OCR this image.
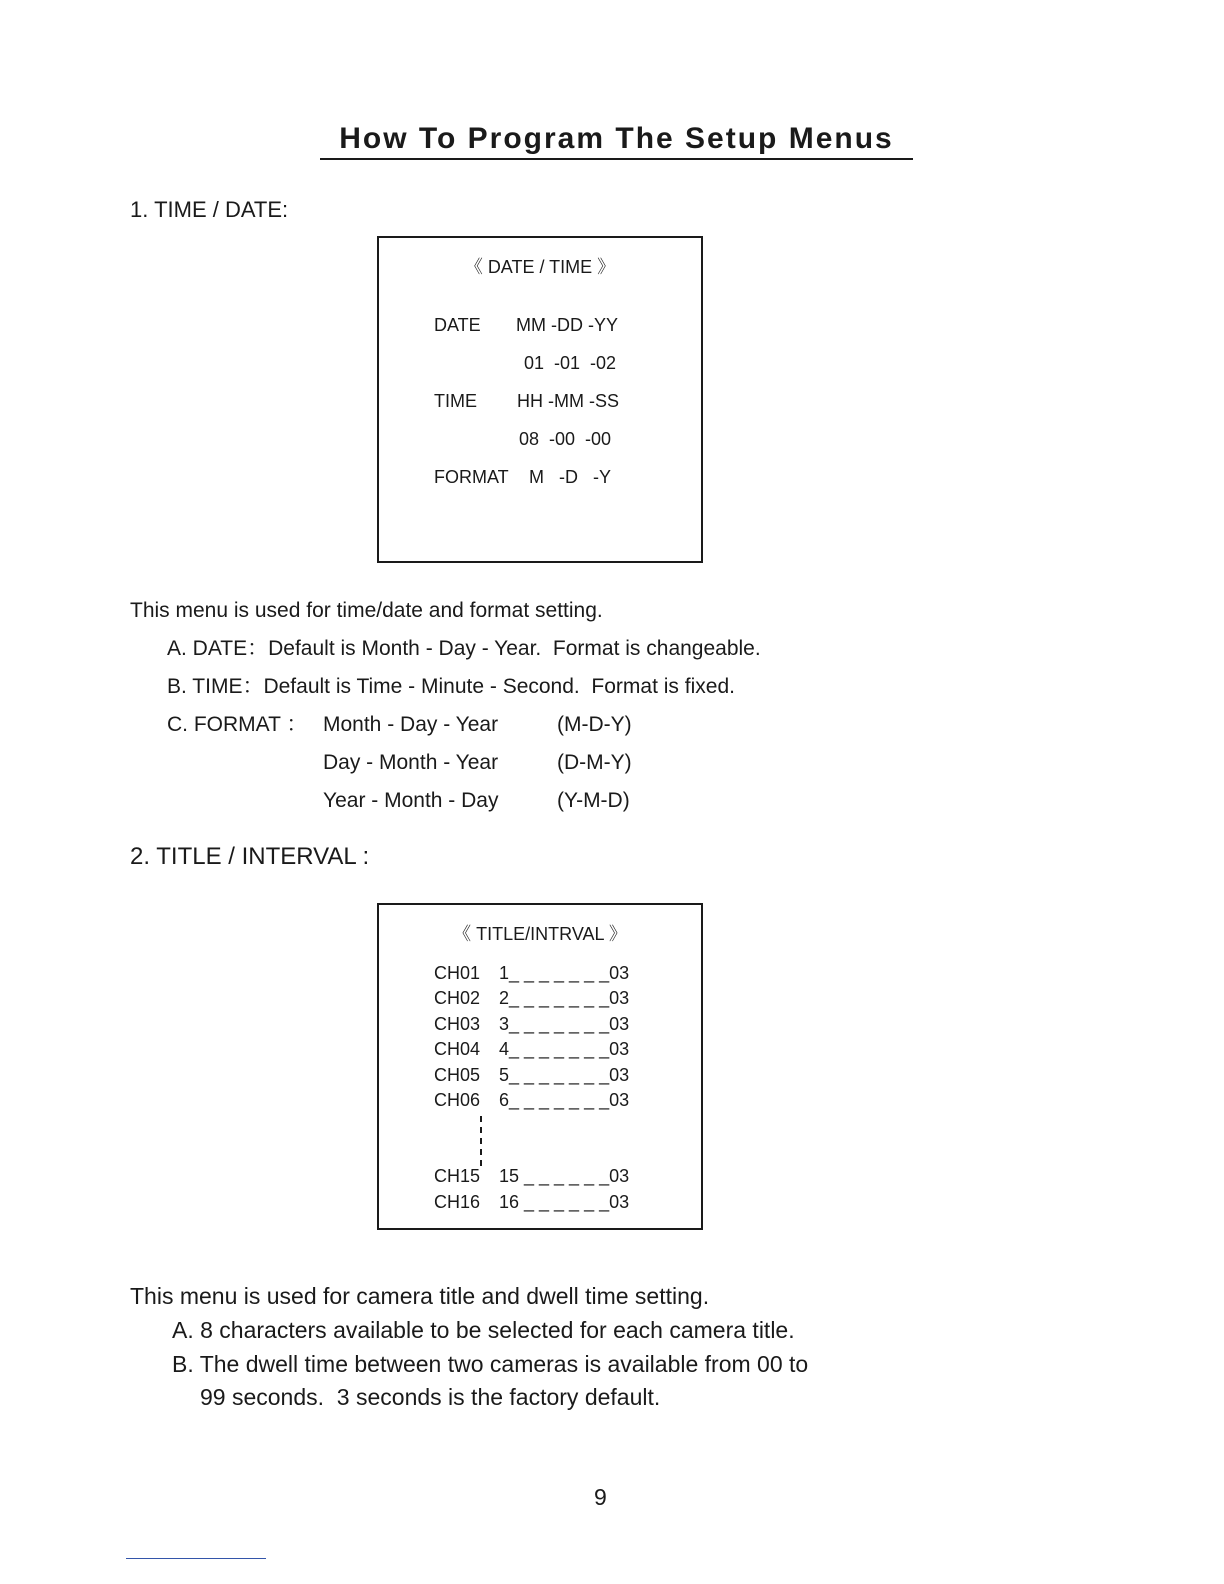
How To Program The Setup Menus
1. TIME / DATE:
《 DATE / TIME 》
DATE MM -DD -YY
01  -01  -02
TIME HH -MM -SS
08  -00  -00
FORMAT M   -D   -Y
This menu is used for time/date and format setting.
A. DATE：Default is Month - Day - Year.  Format is changeable.
B. TIME：Default is Time - Minute - Second.  Format is fixed.
C. FORMAT ： Month - Day - Year	(M-D-Y)
Day - Month - Year	(D-M-Y)
Year - Month - Day	(Y-M-D)
2. TITLE / INTERVAL :
《 TITLE/INTRVAL 》
CH01 1_ _ _ _ _ _ _03
CH02 2_ _ _ _ _ _ _03
CH03 3_ _ _ _ _ _ _03
CH04 4_ _ _ _ _ _ _03
CH05 5_ _ _ _ _ _ _03
CH06 6_ _ _ _ _ _ _03
CH15 15 _ _ _ _ _ _03
CH16 16 _ _ _ _ _ _03
This menu is used for camera title and dwell time setting.
A. 8 characters available to be selected for each camera title.
B. The dwell time between two cameras is available from 00 to
99 seconds.  3 seconds is the factory default.
9
